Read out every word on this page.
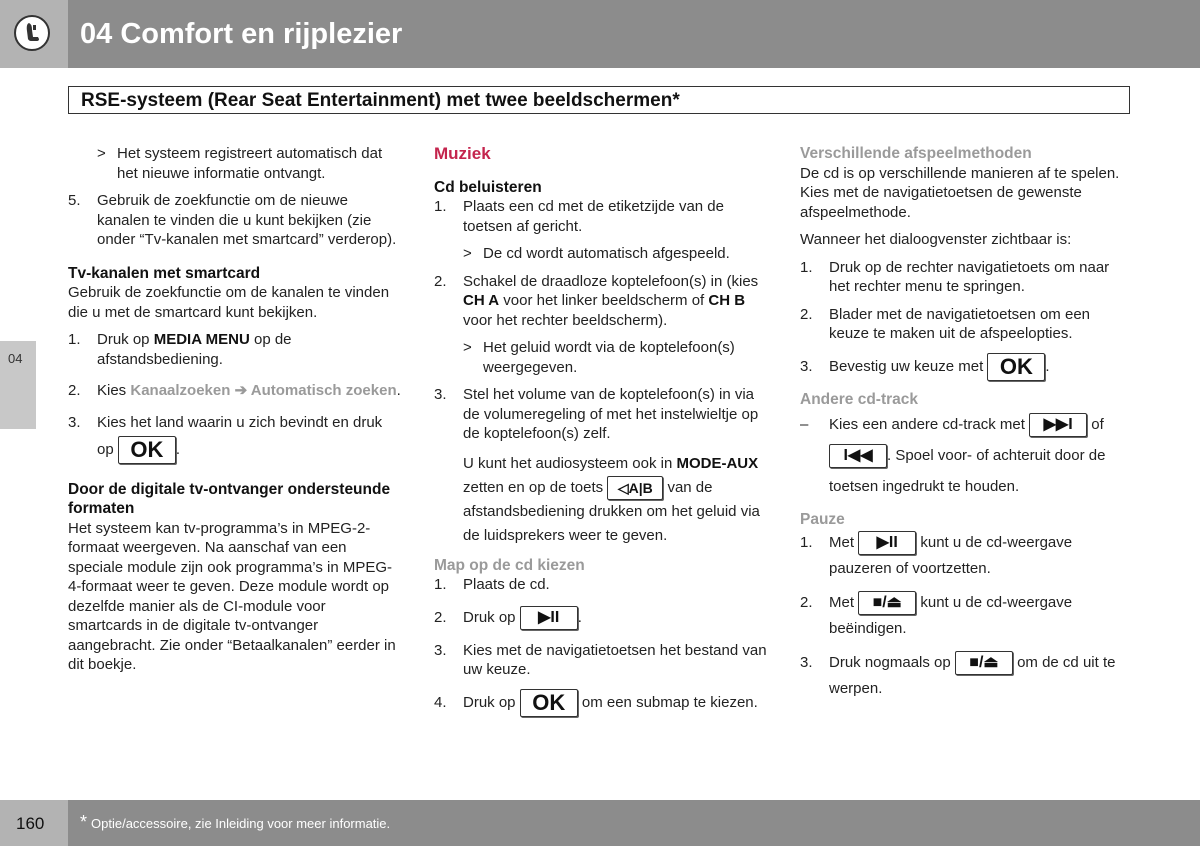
04 Comfort en rijplezier
RSE-systeem (Rear Seat Entertainment) met twee beeldschermen*
04
> Het systeem registreert automatisch dat het nieuwe informatie ontvangt.
5. Gebruik de zoekfunctie om de nieuwe kanalen te vinden die u kunt bekijken (zie onder “Tv-kanalen met smartcard” verderop).
Tv-kanalen met smartcard
Gebruik de zoekfunctie om de kanalen te vinden die u met de smartcard kunt bekijken.
1. Druk op MEDIA MENU op de afstandsbediening.
2. Kies Kanaalzoeken ➔ Automatisch zoeken.
3. Kies het land waarin u zich bevindt en druk op OK .
Door de digitale tv-ontvanger ondersteunde formaten
Het systeem kan tv-programma’s in MPEG-2-formaat weergeven. Na aanschaf van een speciale module zijn ook programma’s in MPEG-4-formaat weer te geven. Deze module wordt op dezelfde manier als de CI-module voor smartcards in de digitale tv-ontvanger aangebracht. Zie onder “Betaalkanalen” eerder in dit boekje.
Muziek
Cd beluisteren
1. Plaats een cd met de etiketzijde van de toetsen af gericht.
> De cd wordt automatisch afgespeeld.
2. Schakel de draadloze koptelefoon(s) in (kies CH A voor het linker beeldscherm of CH B voor het rechter beeldscherm).
> Het geluid wordt via de koptelefoon(s) weergegeven.
3. Stel het volume van de koptelefoon(s) in via de volumeregeling of met het instelwieltje op de koptelefoon(s) zelf.
U kunt het audiosysteem ook in MODE-AUX zetten en op de toets ◁A|B van de afstandsbediening drukken om het geluid via de luidsprekers weer te geven.
Map op de cd kiezen
1. Plaats de cd.
2. Druk op ▶II .
3. Kies met de navigatietoetsen het bestand van uw keuze.
4. Druk op OK om een submap te kiezen.
Verschillende afspeelmethoden
De cd is op verschillende manieren af te spelen. Kies met de navigatietoetsen de gewenste afspeelmethode.
Wanneer het dialoogvenster zichtbaar is:
1. Druk op de rechter navigatietoets om naar het rechter menu te springen.
2. Blader met de navigatietoetsen om een keuze te maken uit de afspeelopties.
3. Bevestig uw keuze met OK .
Andere cd-track
– Kies een andere cd-track met ▶▶I of I◀◀ . Spoel voor- of achteruit door de toetsen ingedrukt te houden.
Pauze
1. Met ▶II kunt u de cd-weergave pauzeren of voortzetten.
2. Met ■/⏏ kunt u de cd-weergave beëindigen.
3. Druk nogmaals op ■/⏏ om de cd uit te werpen.
160 * Optie/accessoire, zie Inleiding voor meer informatie.
